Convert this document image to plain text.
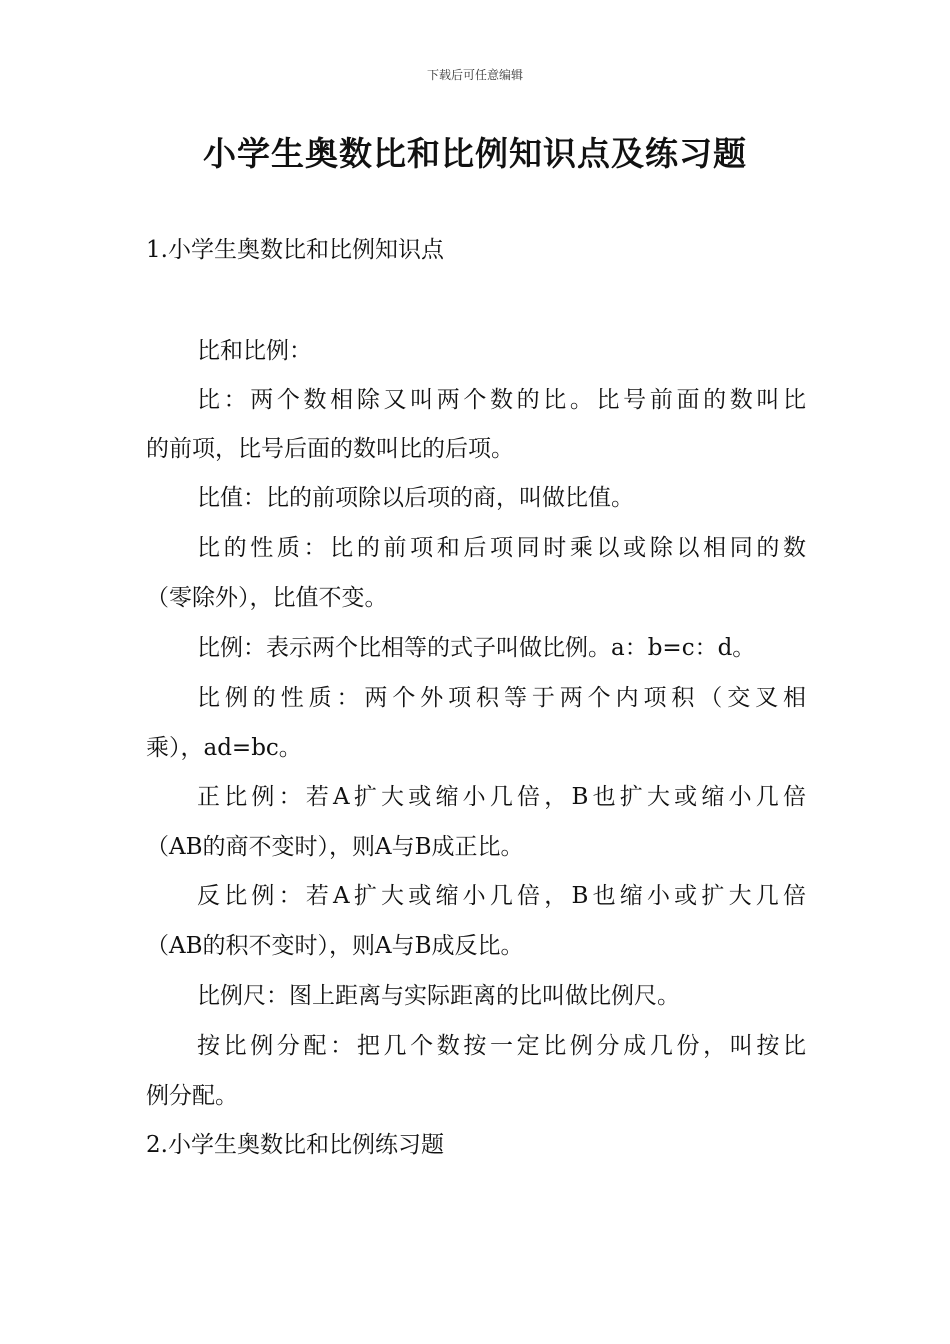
下载后可任意编辑
小学生奥数比和比例知识点及练习题
1.小学生奥数比和比例知识点
比和比例：
比：两个数相除又叫两个数的比。比号前面的数叫比
的前项，比号后面的数叫比的后项。
比值：比的前项除以后项的商，叫做比值。
比的性质：比的前项和后项同时乘以或除以相同的数
（零除外），比值不变。
比例：表示两个比相等的式子叫做比例。a：b=c：d。
比例的性质：两个外项积等于两个内项积（交叉相
乘），ad=bc。
正比例：若A扩大或缩小几倍，B也扩大或缩小几倍
（AB的商不变时），则A与B成正比。
反比例：若A扩大或缩小几倍，B也缩小或扩大几倍
（AB的积不变时），则A与B成反比。
比例尺：图上距离与实际距离的比叫做比例尺。
按比例分配：把几个数按一定比例分成几份，叫按比
例分配。
2.小学生奥数比和比例练习题
